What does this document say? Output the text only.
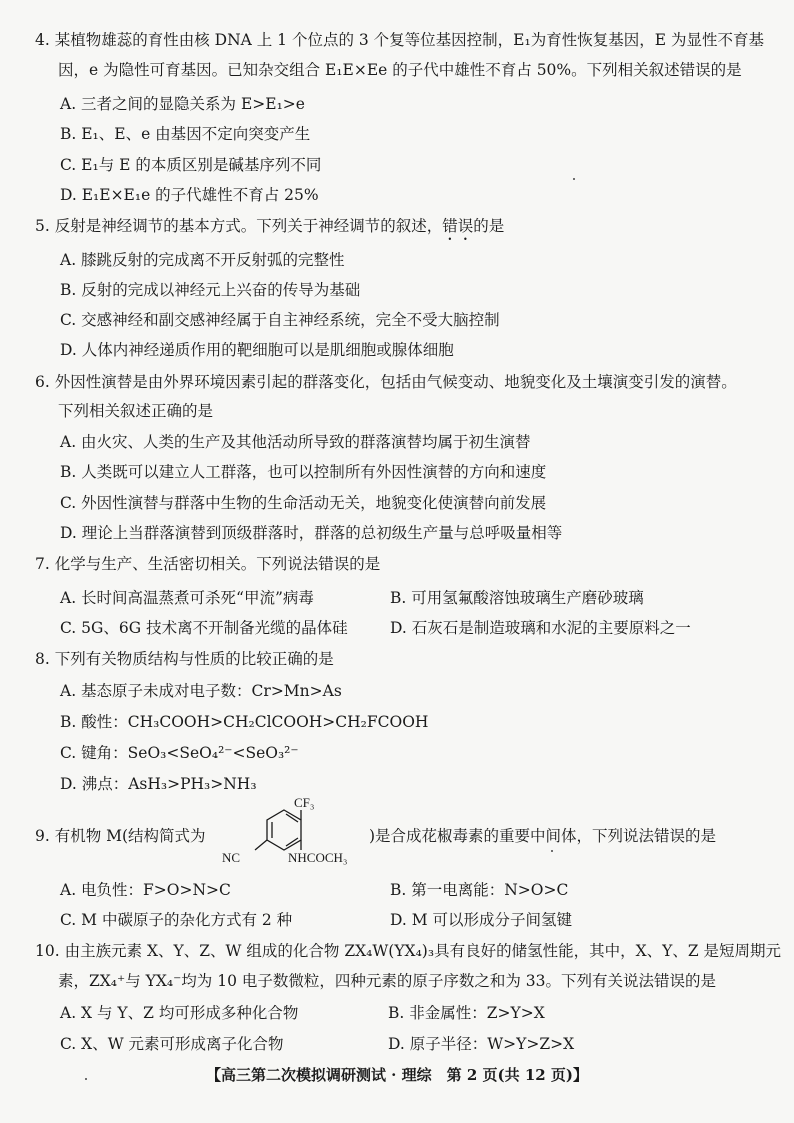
4. 某植物雄蕊的育性由核 DNA 上 1 个位点的 3 个复等位基因控制，E₁为育性恢复基因，E 为显性不育基
因，e 为隐性可育基因。已知杂交组合 E₁E×Ee 的子代中雄性不育占 50%。下列相关叙述错误的是
A. 三者之间的显隐关系为 E>E₁>e
B. E₁、E、e 由基因不定向突变产生
C. E₁与 E 的本质区别是碱基序列不同
D. E₁E×E₁e 的子代雄性不育占 25%
5. 反射是神经调节的基本方式。下列关于神经调节的叙述，错误的是
A. 膝跳反射的完成离不开反射弧的完整性
B. 反射的完成以神经元上兴奋的传导为基础
C. 交感神经和副交感神经属于自主神经系统，完全不受大脑控制
D. 人体内神经递质作用的靶细胞可以是肌细胞或腺体细胞
6. 外因性演替是由外界环境因素引起的群落变化，包括由气候变动、地貌变化及土壤演变引发的演替。
下列相关叙述正确的是
A. 由火灾、人类的生产及其他活动所导致的群落演替均属于初生演替
B. 人类既可以建立人工群落，也可以控制所有外因性演替的方向和速度
C. 外因性演替与群落中生物的生命活动无关，地貌变化使演替向前发展
D. 理论上当群落演替到顶级群落时，群落的总初级生产量与总呼吸量相等
7. 化学与生产、生活密切相关。下列说法错误的是
A. 长时间高温蒸煮可杀死“甲流”病毒	B. 可用氢氟酸溶蚀玻璃生产磨砂玻璃
C. 5G、6G 技术离不开制备光缆的晶体硅	D. 石灰石是制造玻璃和水泥的主要原料之一
8. 下列有关物质结构与性质的比较正确的是
A. 基态原子未成对电子数：Cr>Mn>As
B. 酸性：CH₃COOH>CH₂ClCOOH>CH₂FCOOH
C. 键角：SeO₃<SeO₄²⁻<SeO₃²⁻
D. 沸点：AsH₃>PH₃>NH₃
9. 有机物 M(结构简式为	)是合成花椒毒素的重要中间体，下列说法错误的是
CF₃
NC	NHCOCH₃
A. 电负性：F>O>N>C	B. 第一电离能：N>O>C
C. M 中碳原子的杂化方式有 2 种	D. M 可以形成分子间氢键
10. 由主族元素 X、Y、Z、W 组成的化合物 ZX₄W(YX₄)₃具有良好的储氢性能，其中，X、Y、Z 是短周期元
素，ZX₄⁺与 YX₄⁻均为 10 电子数微粒，四种元素的原子序数之和为 33。下列有关说法错误的是
A. X 与 Y、Z 均可形成多种化合物	B. 非金属性：Z>Y>X
C. X、W 元素可形成离子化合物	D. 原子半径：W>Y>Z>X
【高三第二次模拟调研测试 · 理综　第 2 页(共 12 页)】
